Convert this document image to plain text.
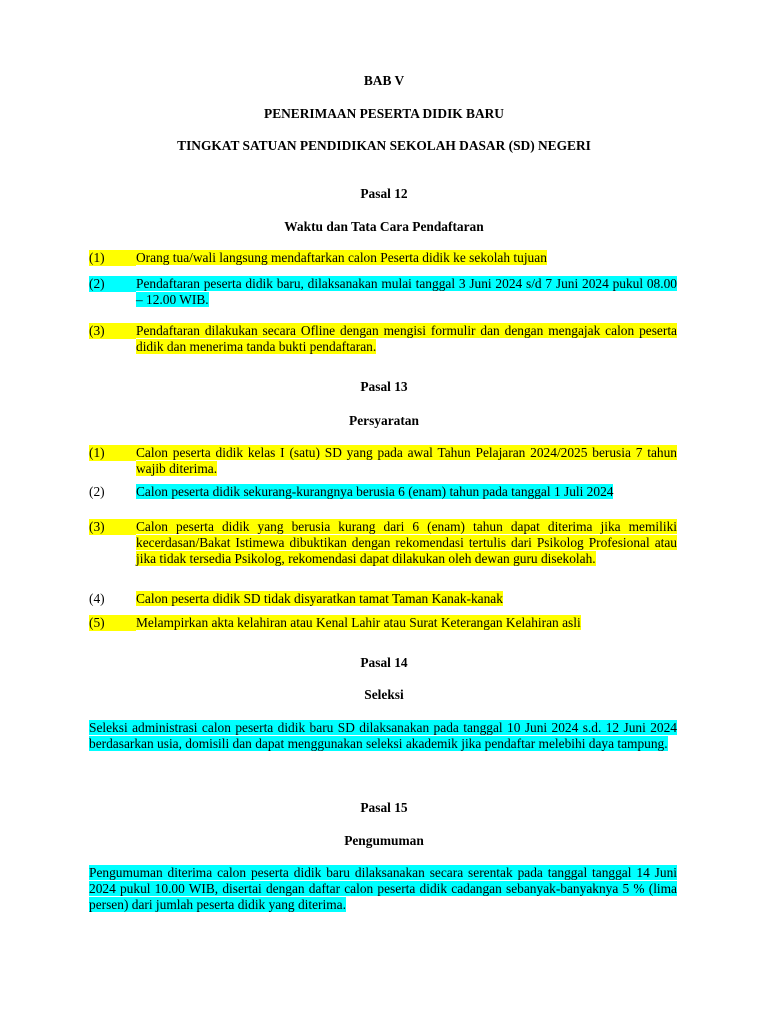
BAB V

PENERIMAAN PESERTA DIDIK BARU

TINGKAT SATUAN PENDIDIKAN SEKOLAH DASAR (SD) NEGERI

Pasal 12

Waktu dan Tata Cara Pendaftaran

(1)	Orang tua/wali langsung mendaftarkan calon Peserta didik ke sekolah tujuan
(2)	Pendaftaran peserta didik baru, dilaksanakan mulai tanggal 3 Juni 2024 s/d 7 Juni 2024 pukul 08.00 – 12.00 WIB.
(3)	Pendaftaran dilakukan secara Ofline dengan mengisi formulir dan dengan mengajak calon peserta didik dan menerima tanda bukti pendaftaran.

Pasal 13

Persyaratan

(1)	Calon peserta didik kelas I (satu) SD yang pada awal Tahun Pelajaran 2024/2025 berusia 7 tahun wajib diterima.
(2)	Calon peserta didik sekurang-kurangnya berusia 6 (enam) tahun pada tanggal 1 Juli 2024
(3)	Calon peserta didik yang berusia kurang dari 6 (enam) tahun dapat diterima jika memiliki kecerdasan/Bakat Istimewa dibuktikan dengan rekomendasi tertulis dari Psikolog Profesional atau jika tidak tersedia Psikolog, rekomendasi dapat dilakukan oleh dewan guru disekolah.
(4)	Calon peserta didik SD tidak disyaratkan tamat Taman Kanak-kanak
(5)	Melampirkan akta kelahiran atau Kenal Lahir atau Surat Keterangan Kelahiran asli

Pasal 14

Seleksi

Seleksi administrasi calon peserta didik baru SD dilaksanakan pada tanggal 10 Juni 2024 s.d. 12 Juni 2024 berdasarkan usia, domisili dan dapat menggunakan seleksi akademik jika pendaftar melebihi daya tampung.

Pasal 15

Pengumuman

Pengumuman diterima calon peserta didik baru dilaksanakan secara serentak pada tanggal tanggal 14 Juni 2024 pukul 10.00 WIB, disertai dengan daftar calon peserta didik cadangan sebanyak-banyaknya 5 % (lima persen) dari jumlah peserta didik yang diterima.
